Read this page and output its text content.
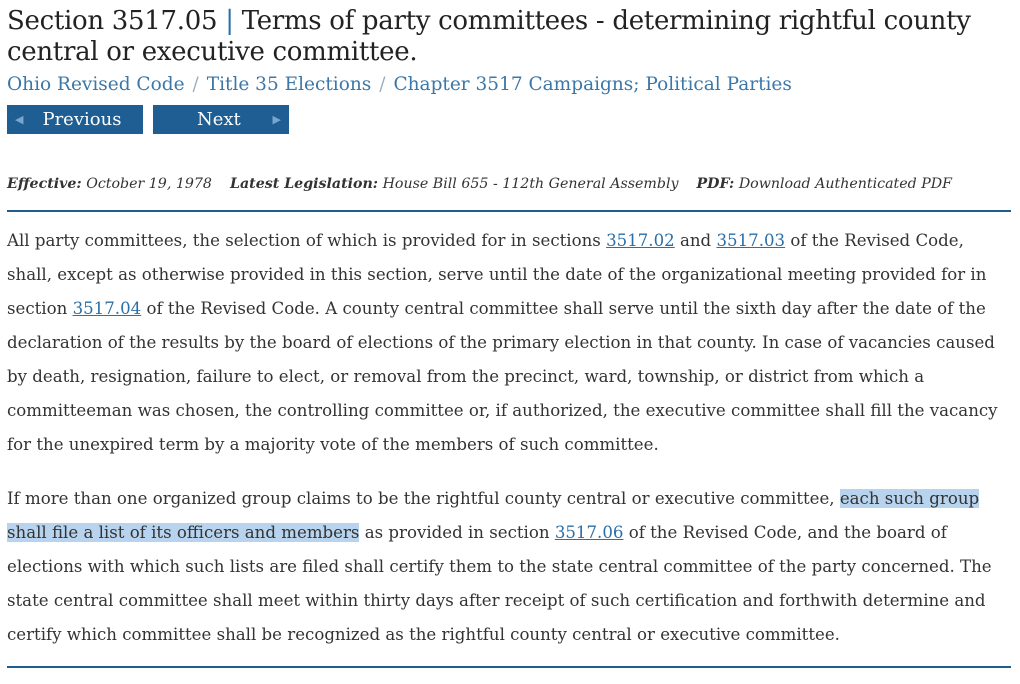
Section 3517.05 | Terms of party committees - determining rightful county central or executive committee.
Ohio Revised Code / Title 35 Elections / Chapter 3517 Campaigns; Political Parties
◀ Previous	Next	▶
Effective: October 19, 1978 Latest Legislation: House Bill 655 - 112th General Assembly PDF: Download Authenticated PDF

All party committees, the selection of which is provided for in sections 3517.02 and 3517.03 of the Revised Code, shall, except as otherwise provided in this section, serve until the date of the organizational meeting provided for in section 3517.04 of the Revised Code. A county central committee shall serve until the sixth day after the date of the declaration of the results by the board of elections of the primary election in that county. In case of vacancies caused by death, resignation, failure to elect, or removal from the precinct, ward, township, or district from which a committeeman was chosen, the controlling committee or, if authorized, the executive committee shall fill the vacancy for the unexpired term by a majority vote of the members of such committee.

If more than one organized group claims to be the rightful county central or executive committee, each such group shall file a list of its officers and members as provided in section 3517.06 of the Revised Code, and the board of elections with which such lists are filed shall certify them to the state central committee of the party concerned. The state central committee shall meet within thirty days after receipt of such certification and forthwith determine and certify which committee shall be recognized as the rightful county central or executive committee.
